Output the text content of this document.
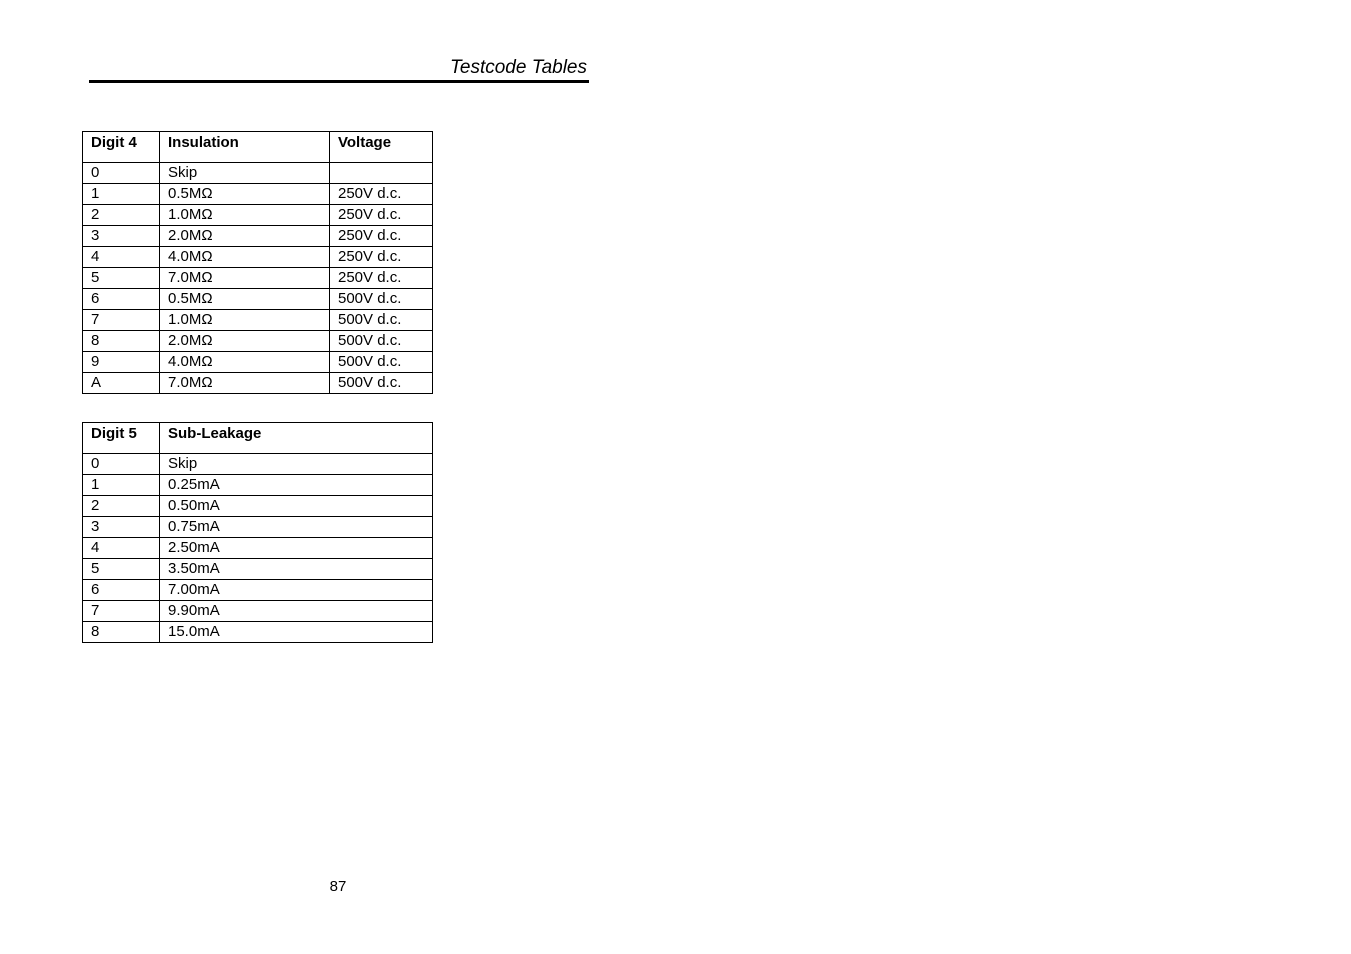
Testcode Tables
Digit 4	Insulation	Voltage
0	Skip	
1	0.5MΩ	250V d.c.
2	1.0MΩ	250V d.c.
3	2.0MΩ	250V d.c.
4	4.0MΩ	250V d.c.
5	7.0MΩ	250V d.c.
6	0.5MΩ	500V d.c.
7	1.0MΩ	500V d.c.
8	2.0MΩ	500V d.c.
9	4.0MΩ	500V d.c.
A	7.0MΩ	500V d.c.
Digit 5	Sub-Leakage
0	Skip
1	0.25mA
2	0.50mA
3	0.75mA
4	2.50mA
5	3.50mA
6	7.00mA
7	9.90mA
8	15.0mA
87
